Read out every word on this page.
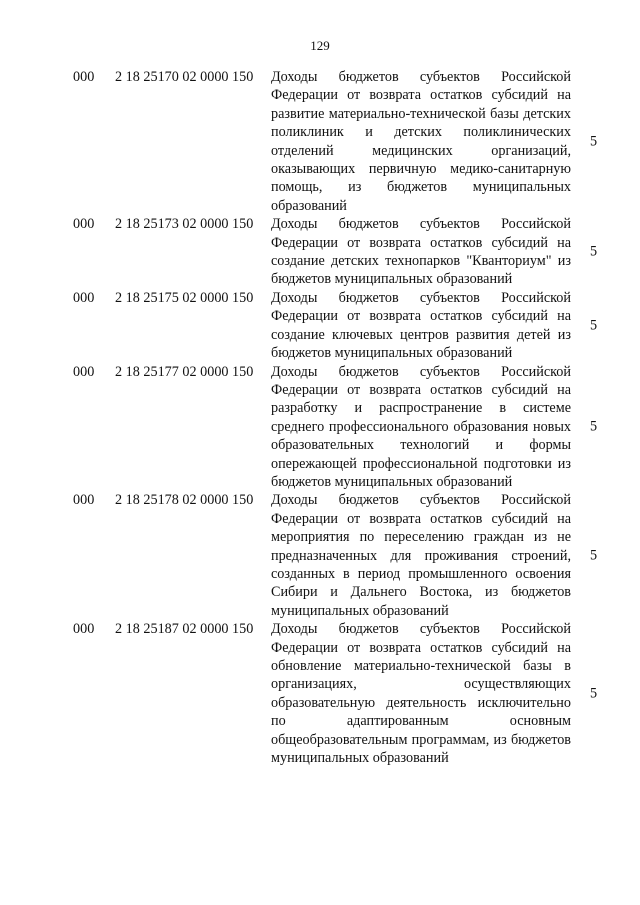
129
000 2 18 25170 02 0000 150 Доходы бюджетов субъектов Российской Федерации от возврата остатков субсидий на развитие материально-технической базы детских поликлиник и детских поликлинических отделений медицинских организаций, оказывающих первичную медико-санитарную помощь, из бюджетов муниципальных образований
5
000 2 18 25173 02 0000 150 Доходы бюджетов субъектов Российской Федерации от возврата остатков субсидий на создание детских технопарков "Кванториум" из бюджетов муниципальных образований
5
000 2 18 25175 02 0000 150 Доходы бюджетов субъектов Российской Федерации от возврата остатков субсидий на создание ключевых центров развития детей из бюджетов муниципальных образований
5
000 2 18 25177 02 0000 150 Доходы бюджетов субъектов Российской Федерации от возврата остатков субсидий на разработку и распространение в системе среднего профессионального образования новых образовательных технологий и формы опережающей профессиональной подготовки из бюджетов муниципальных образований
5
000 2 18 25178 02 0000 150 Доходы бюджетов субъектов Российской Федерации от возврата остатков субсидий на мероприятия по переселению граждан из не предназначенных для проживания строений, созданных в период промышленного освоения Сибири и Дальнего Востока, из бюджетов муниципальных образований
5
000 2 18 25187 02 0000 150 Доходы бюджетов субъектов Российской Федерации от возврата остатков субсидий на обновление материально-технической базы в организациях, осуществляющих образовательную деятельность исключительно по адаптированным основным общеобразовательным программам, из бюджетов муниципальных образований
5
